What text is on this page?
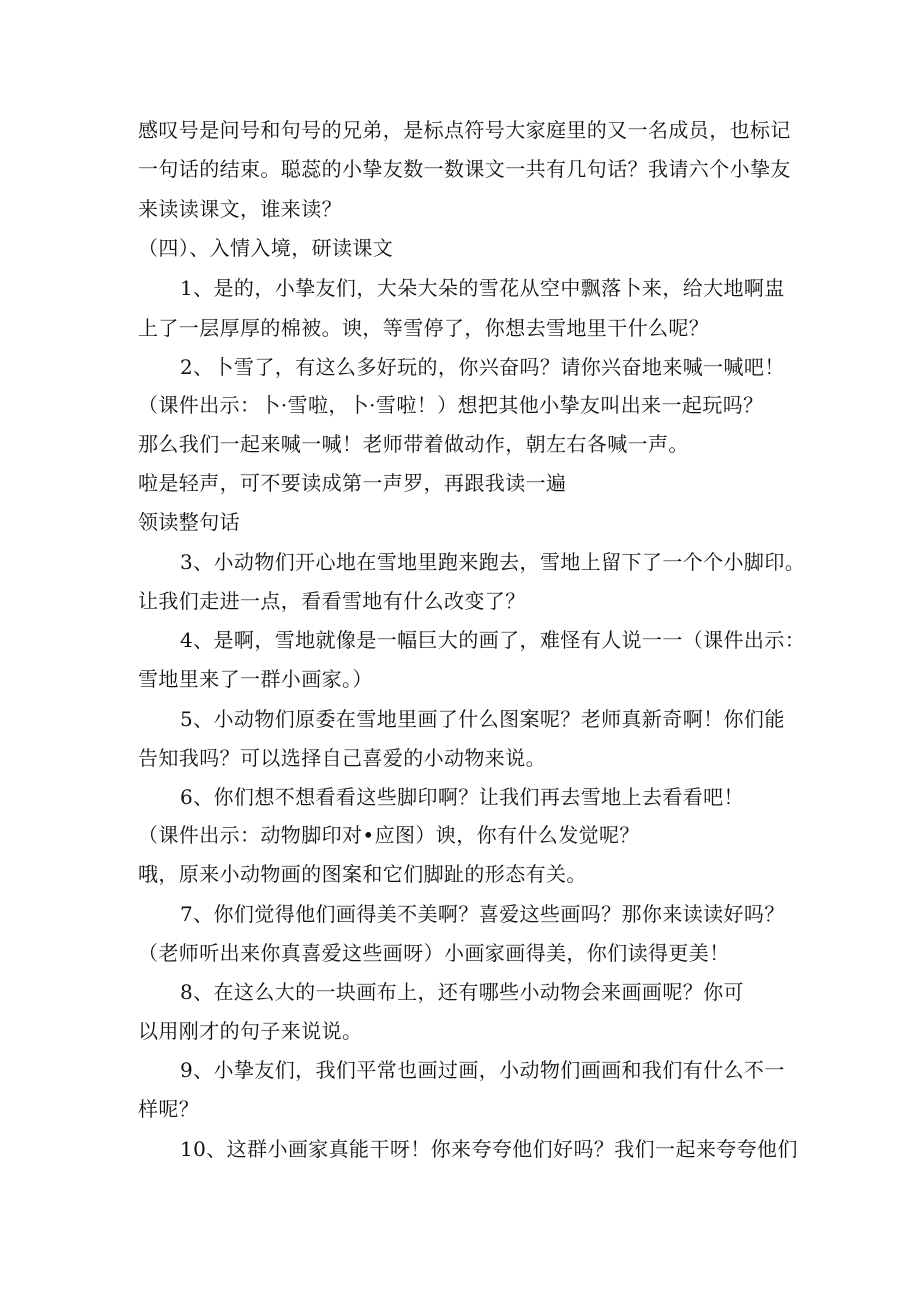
感叹号是问号和句号的兄弟，是标点符号大家庭里的又一名成员，也标记
一句话的结束。聪蕊的小挚友数一数课文一共有几句话？我请六个小挚友
来读读课文，谁来读？
（四）、入情入境，研读课文
1、是的，小挚友们，大朵大朵的雪花从空中飘落卜来，给大地啊盅
上了一层厚厚的棉被。谀，等雪停了，你想去雪地里干什么呢？
2、卜雪了，有这么多好玩的，你兴奋吗？请你兴奋地来喊一喊吧！
（课件出示：卜·雪啦，卜·雪啦！）想把其他小挚友叫出来一起玩吗？
那么我们一起来喊一喊！老师带着做动作，朝左右各喊一声。
啦是轻声，可不要读成第一声罗，再跟我读一遍
领读整句话
3、小动物们开心地在雪地里跑来跑去，雪地上留下了一个个小脚印。
让我们走进一点，看看雪地有什么改变了？
4、是啊，雪地就像是一幅巨大的画了，难怪有人说一一（课件出示：
雪地里来了一群小画家。）
5、小动物们原委在雪地里画了什么图案呢？老师真新奇啊！你们能
告知我吗？可以选择自己喜爱的小动物来说。
6、你们想不想看看这些脚印啊？让我们再去雪地上去看看吧！
（课件出示：动物脚印对•应图）谀，你有什么发觉呢？
哦，原来小动物画的图案和它们脚趾的形态有关。
7、你们觉得他们画得美不美啊？喜爱这些画吗？那你来读读好吗？
（老师听出来你真喜爱这些画呀）小画家画得美，你们读得更美！
8、在这么大的一块画布上，还有哪些小动物会来画画呢？你可
以用刚才的句子来说说。
9、小挚友们，我们平常也画过画，小动物们画画和我们有什么不一
样呢？
10、这群小画家真能干呀！你来夸夸他们好吗？我们一起来夸夸他们
